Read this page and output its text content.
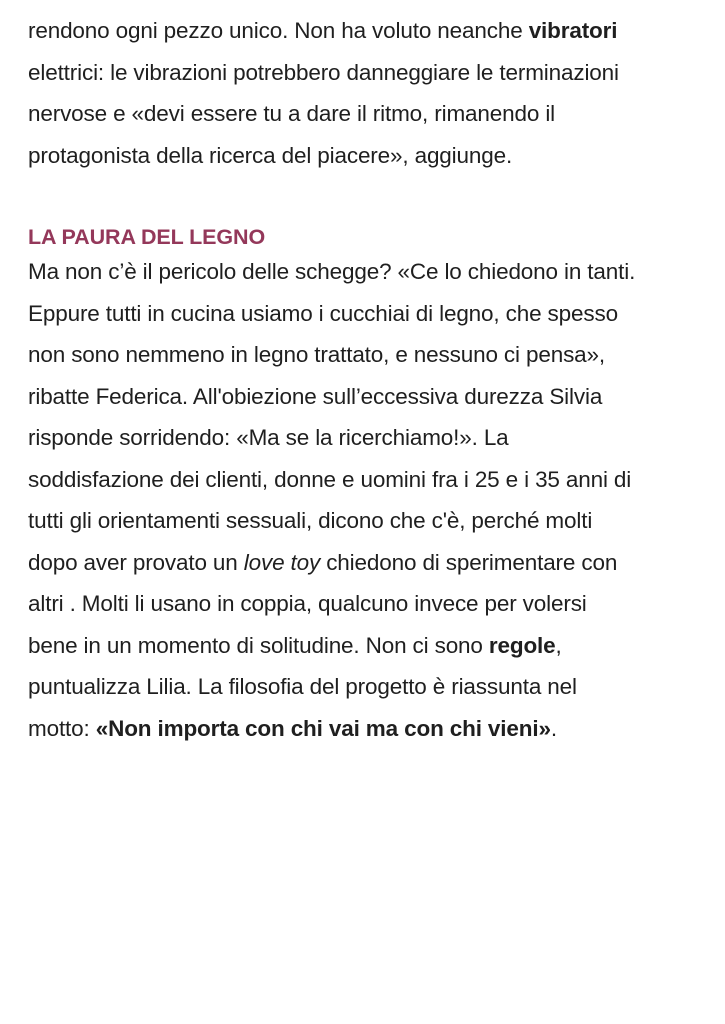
rendono ogni pezzo unico. Non ha voluto neanche vibratori
elettrici: le vibrazioni potrebbero danneggiare le terminazioni
nervose e «devi essere tu a dare il ritmo, rimanendo il
protagonista della ricerca del piacere», aggiunge.

LA PAURA DEL LEGNO

Ma non c’è il pericolo delle schegge? «Ce lo chiedono in tanti.
Eppure tutti in cucina usiamo i cucchiai di legno, che spesso
non sono nemmeno in legno trattato, e nessuno ci pensa»,
ribatte Federica. All'obiezione sull’eccessiva durezza Silvia
risponde sorridendo: «Ma se la ricerchiamo!». La
soddisfazione dei clienti, donne e uomini fra i 25 e i 35 anni di
tutti gli orientamenti sessuali, dicono che c'è, perché molti
dopo aver provato un love toy chiedono di sperimentare con
altri . Molti li usano in coppia, qualcuno invece per volersi
bene in un momento di solitudine. Non ci sono regole,
puntualizza Lilia. La filosofia del progetto è riassunta nel
motto: «Non importa con chi vai ma con chi vieni».
